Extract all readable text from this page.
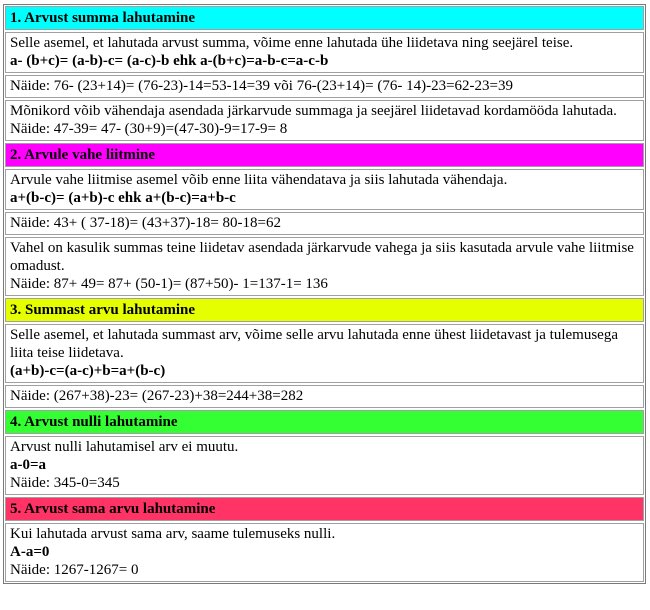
1. Arvust summa lahutamine
Selle asemel, et lahutada arvust summa, võime enne lahutada ühe liidetava ning seejärel teise.
a- (b+c)= (a-b)-c= (a-c)-b ehk a-(b+c)=a-b-c=a-c-b
Näide: 76- (23+14)= (76-23)-14=53-14=39 või 76-(23+14)= (76- 14)-23=62-23=39
Mõnikord võib vähendaja asendada järkarvude summaga ja seejärel liidetavad kordamööda lahutada.
Näide: 47-39= 47- (30+9)=(47-30)-9=17-9= 8
2. Arvule vahe liitmine
Arvule vahe liitmise asemel võib enne liita vähendatava ja siis lahutada vähendaja.
a+(b-c)= (a+b)-c ehk a+(b-c)=a+b-c
Näide: 43+ ( 37-18)= (43+37)-18= 80-18=62
Vahel on kasulik summas teine liidetav asendada järkarvude vahega ja siis kasutada arvule vahe liitmise omadust.
Näide: 87+ 49= 87+ (50-1)= (87+50)- 1=137-1= 136
3. Summast arvu lahutamine
Selle asemel, et lahutada summast arv, võime selle arvu lahutada enne ühest liidetavast ja tulemusega liita teise liidetava.
(a+b)-c=(a-c)+b=a+(b-c)
Näide: (267+38)-23= (267-23)+38=244+38=282
4. Arvust nulli lahutamine
Arvust nulli lahutamisel arv ei muutu.
a-0=a
Näide: 345-0=345
5. Arvust sama arvu lahutamine
Kui lahutada arvust sama arv, saame tulemuseks nulli.
A-a=0
Näide: 1267-1267= 0
